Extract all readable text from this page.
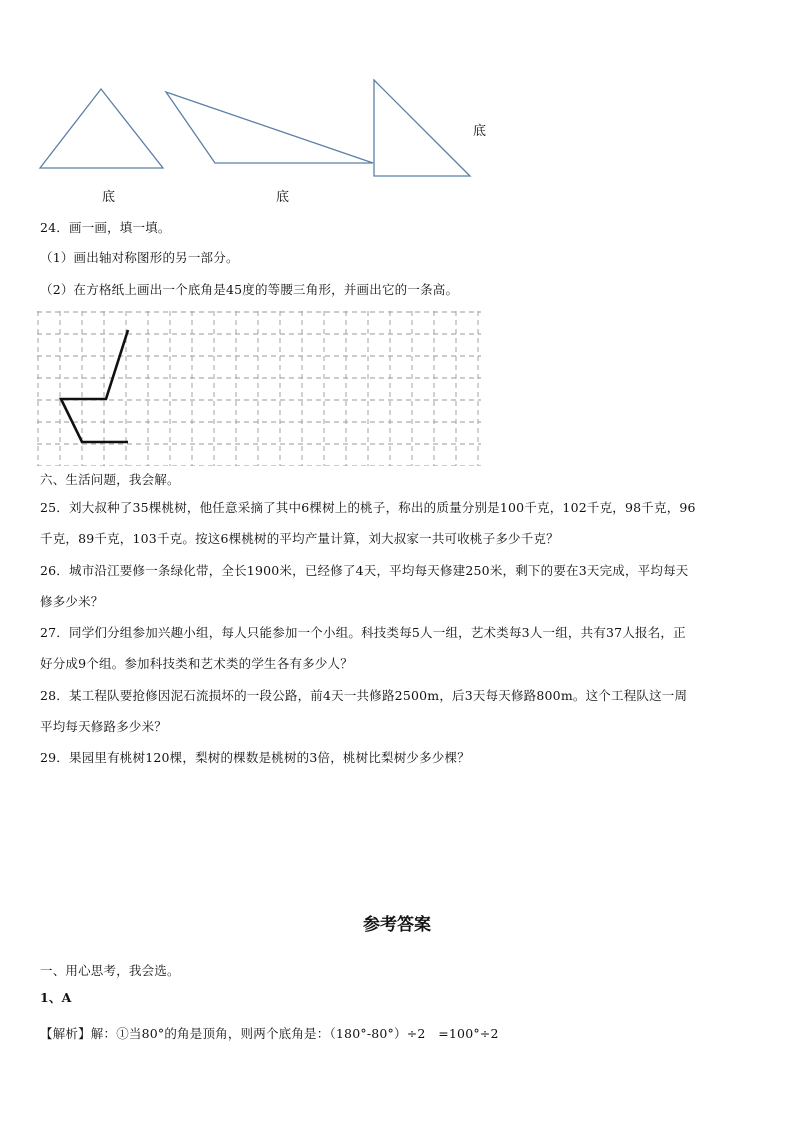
底	底
底
24．画一画，填一填。
（1）画出轴对称图形的另一部分。
（2）在方格纸上画出一个底角是45度的等腰三角形，并画出它的一条高。
六、生活问题，我会解。
25．刘大叔种了35棵桃树，他任意采摘了其中6棵树上的桃子，称出的质量分别是100千克，102千克，98千克，96
千克，89千克，103千克。按这6棵桃树的平均产量计算，刘大叔家一共可收桃子多少千克？
26．城市沿江要修一条绿化带，全长1900米，已经修了4天，平均每天修建250米，剩下的要在3天完成，平均每天
修多少米？
27．同学们分组参加兴趣小组，每人只能参加一个小组。科技类每5人一组，艺术类每3人一组，共有37人报名，正
好分成9个组。参加科技类和艺术类的学生各有多少人？
28．某工程队要抢修因泥石流损坏的一段公路，前4天一共修路2500m，后3天每天修路800m。这个工程队这一周
平均每天修路多少米？
29．果园里有桃树120棵，梨树的棵数是桃树的3倍，桃树比梨树少多少棵？
参考答案
一、用心思考，我会选。
1、A
【解析】解：①当80°的角是顶角，则两个底角是：（180°-80°）÷2　=100°÷2
